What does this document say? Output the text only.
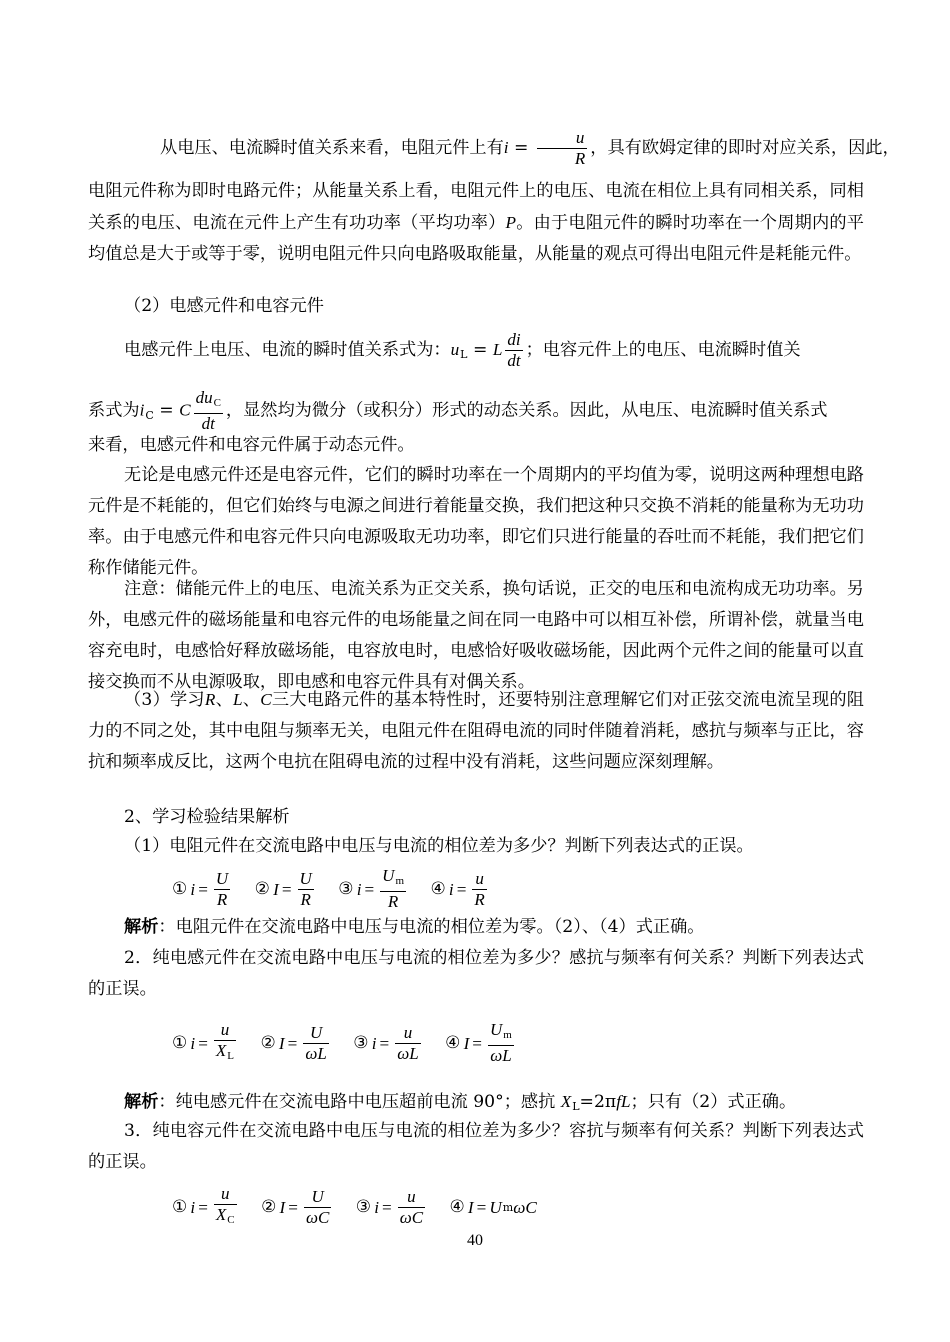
从电压、电流瞬时值关系来看，电阻元件上有$i = \frac{u}{R}$ ，具有欧姆定律的即时对应关系，因此，

电阻元件称为即时电路元件；从能量关系上看，电阻元件上的电压、电流在相位上具有同相关系，同相关系的电压、电流在元件上产生有功功率（平均功率）P。由于电阻元件的瞬时功率在一个周期内的平均值总是大于或等于零，说明电阻元件只向电路吸取能量，从能量的观点可得出电阻元件是耗能元件。

（2）电感元件和电容元件
电感元件上电压、电流的瞬时值关系式为：$u_L = L \frac{di}{dt}$ ；电容元件上的电压、电流瞬时值关
系式为$i_C = C \frac{du_C}{dt}$ ，显然均为微分（或积分）形式的动态关系。因此，从电压、电流瞬时值关系式
来看，电感元件和电容元件属于动态元件。

无论是电感元件还是电容元件，它们的瞬时功率在一个周期内的平均值为零，说明这两种理想电路元件是不耗能的，但它们始终与电源之间进行着能量交换，我们把这种只交换不消耗的能量称为无功功率。由于电感元件和电容元件只向电源吸取无功功率，即它们只进行能量的吞吐而不耗能，我们把它们称作储能元件。

注意：储能元件上的电压、电流关系为正交关系，换句话说，正交的电压和电流构成无功功率。另外，电感元件的磁场能量和电容元件的电场能量之间在同一电路中可以相互补偿，所谓补偿，就量当电容充电时，电感恰好释放磁场能，电容放电时，电感恰好吸收磁场能，因此两个元件之间的能量可以直接交换而不从电源吸取，即电感和电容元件具有对偶关系。

（3）学习R、L、C三大电路元件的基本特性时，还要特别注意理解它们对正弦交流电流呈现的阻力的不同之处，其中电阻与频率无关，电阻元件在阻碍电流的同时伴随着消耗，感抗与频率与正比，容抗和频率成反比，这两个电抗在阻碍电流的过程中没有消耗，这些问题应深刻理解。

2、学习检验结果解析
（1）电阻元件在交流电路中电压与电流的相位差为多少？判断下列表达式的正误。
① $i = \frac{U}{R}$
② $I = \frac{U}{R}$
③ $i = \frac{U_m}{R}$
④ $i = \frac{u}{R}$
解析：电阻元件在交流电路中电压与电流的相位差为零。（2）、（4）式正确。

2．纯电感元件在交流电路中电压与电流的相位差为多少？感抗与频率有何关系？判断下列表达式的正误。

① $i = \frac{u}{X_L}$
② $I = \frac{U}{\omega L}$
③ $i = \frac{u}{\omega L}$
④ $I = \frac{U_m}{\omega L}$
解析：纯电感元件在交流电路中电压超前电流 90°；感抗 $X_L=2\pi fL$；只有（2）式正确。

3．纯电容元件在交流电路中电压与电流的相位差为多少？容抗与频率有何关系？判断下列表达式的正误。

① $i = \frac{u}{X_C}$
② $I = \frac{U}{\omega C}$
③ $i = \frac{u}{\omega C}$
④ I = U m ωC
40
